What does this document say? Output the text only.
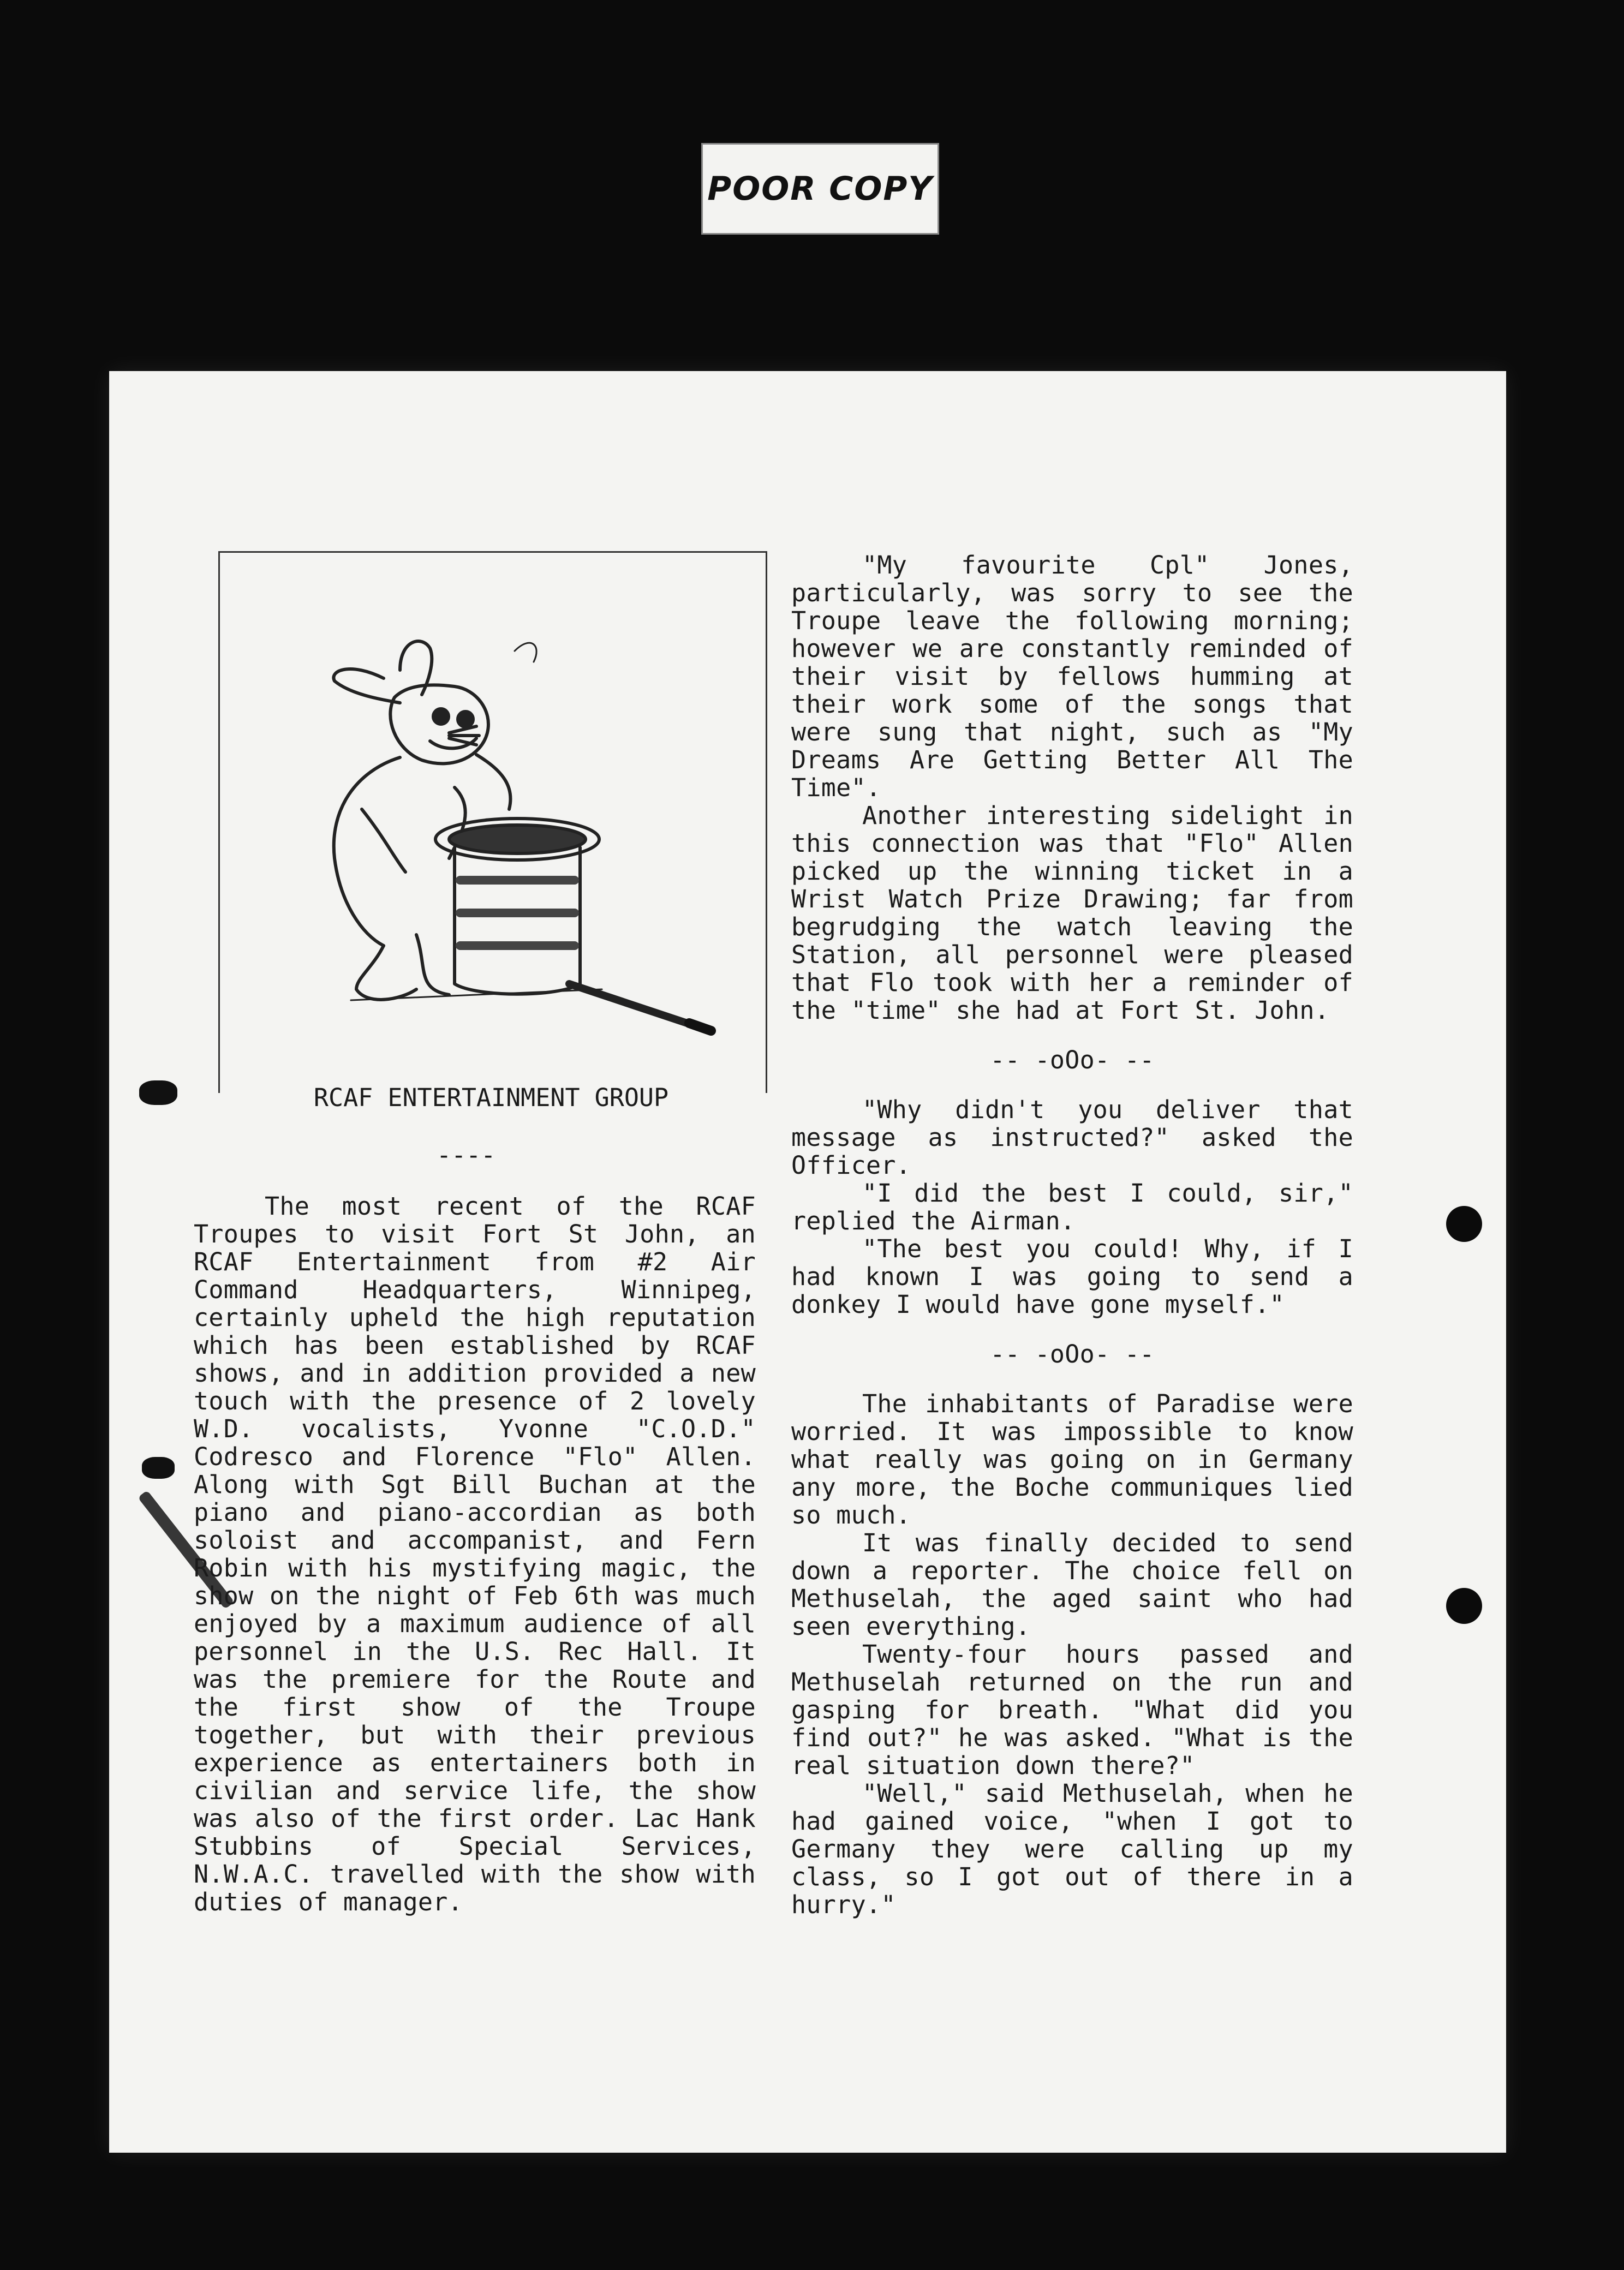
POOR COPY
RCAF ENTERTAINMENT GROUP
----

The most recent of the RCAF Troupes to visit Fort St John, an RCAF Entertainment from #2 Air Command Headquarters, Winnipeg, certainly upheld the high reputation which has been established by RCAF shows, and in addition provided a new touch with the presence of 2 lovely W.D. vocalists, Yvonne "C.O.D." Codresco and Florence "Flo" Allen. Along with Sgt Bill Buchan at the piano and piano-accordian as both soloist and accompanist, and Fern Robin with his mystifying magic, the show on the night of Feb 6th was much enjoyed by a maximum audience of all personnel in the U.S. Rec Hall. It was the premiere for the Route and the first show of the Troupe together, but with their previous experience as entertainers both in civilian and service life, the show was also of the first order. Lac Hank Stubbins of Special Services, N.W.A.C. travelled with the show with duties of manager.

"My favourite Cpl" Jones, particularly, was sorry to see the Troupe leave the following morning; however we are constantly reminded of their visit by fellows humming at their work some of the songs that were sung that night, such as "My Dreams Are Getting Better All The Time".

Another interesting sidelight in this connection was that "Flo" Allen picked up the winning ticket in a Wrist Watch Prize Drawing; far from begrudging the watch leaving the Station, all personnel were pleased that Flo took with her a reminder of the "time" she had at Fort St. John.

-- -oOo- --

"Why didn't you deliver that message as instructed?" asked the Officer.

"I did the best I could, sir," replied the Airman.

"The best you could! Why, if I had known I was going to send a donkey I would have gone myself."

-- -oOo- --

The inhabitants of Paradise were worried. It was impossible to know what really was going on in Germany any more, the Boche communiques lied so much.

It was finally decided to send down a reporter. The choice fell on Methuselah, the aged saint who had seen everything.

Twenty-four hours passed and Methuselah returned on the run and gasping for breath. "What did you find out?" he was asked. "What is the real situation down there?"

"Well," said Methuselah, when he had gained voice, "when I got to Germany they were calling up my class, so I got out of there in a hurry."
